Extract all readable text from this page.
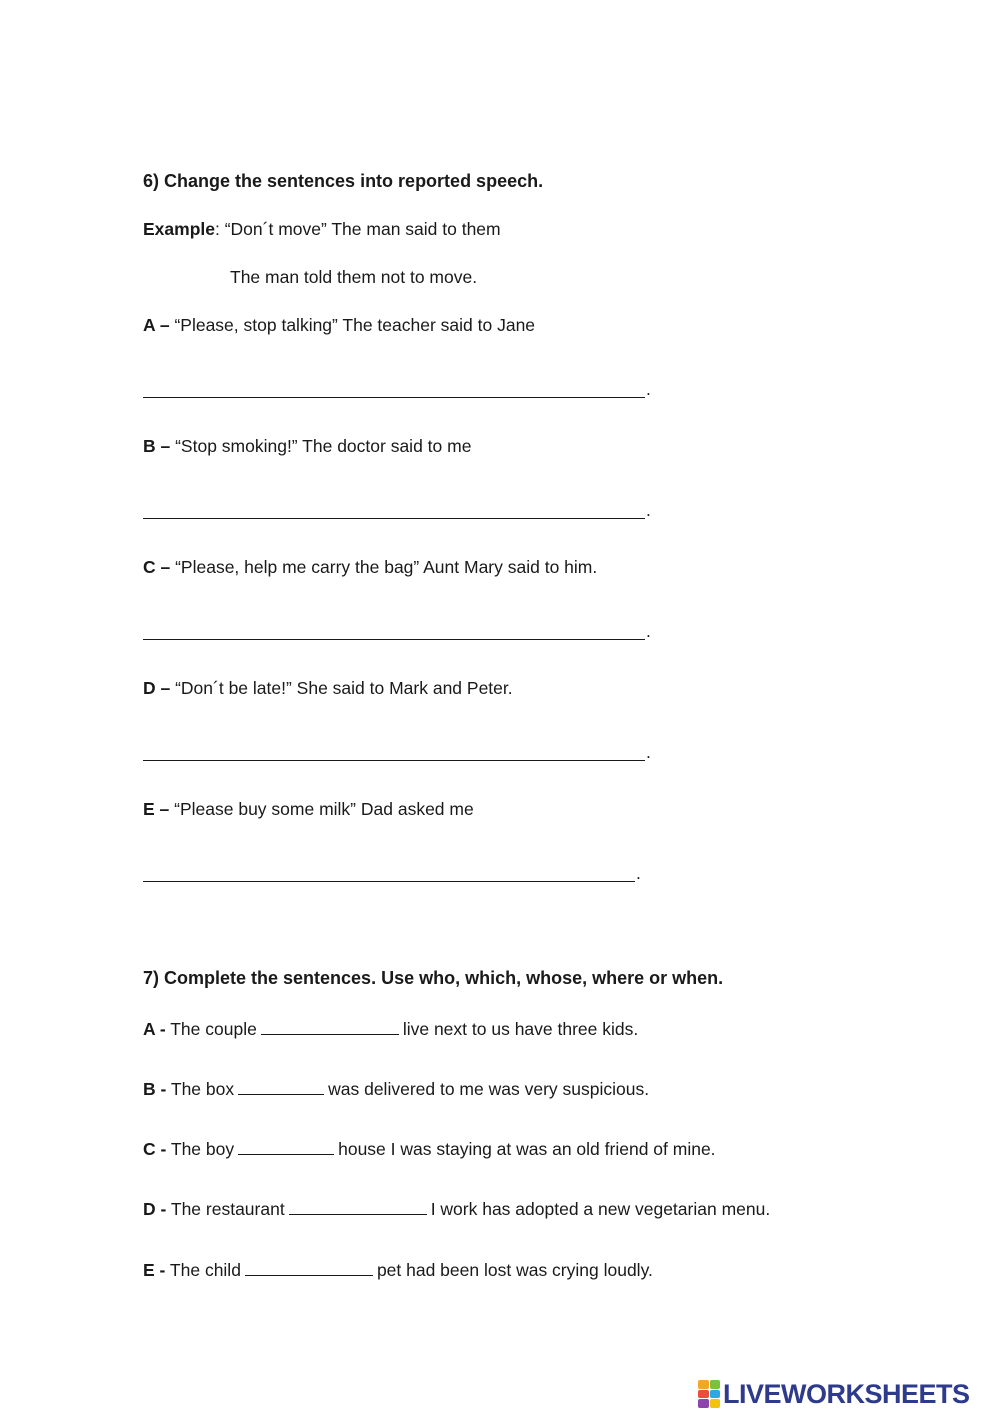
6) Change the sentences into reported speech.
Example: “Don´t move” The man said to them
The man told them not to move.
A – “Please, stop talking” The teacher said to Jane
.
B – “Stop smoking!” The doctor said to me
.
C – “Please, help me carry the bag” Aunt Mary said to him.
.
D – “Don´t be late!” She said to Mark and Peter.
.
E – “Please buy some milk” Dad asked me
.
7) Complete the sentences. Use who, which, whose, where or when.
A - The couple	live next to us have three kids.
B - The box	was delivered to me was very suspicious.
C - The boy	house I was staying at was an old friend of mine.
D - The restaurant	I work has adopted a new vegetarian menu.
E - The child	pet had been lost was crying loudly.
LIVEWORKSHEETS
